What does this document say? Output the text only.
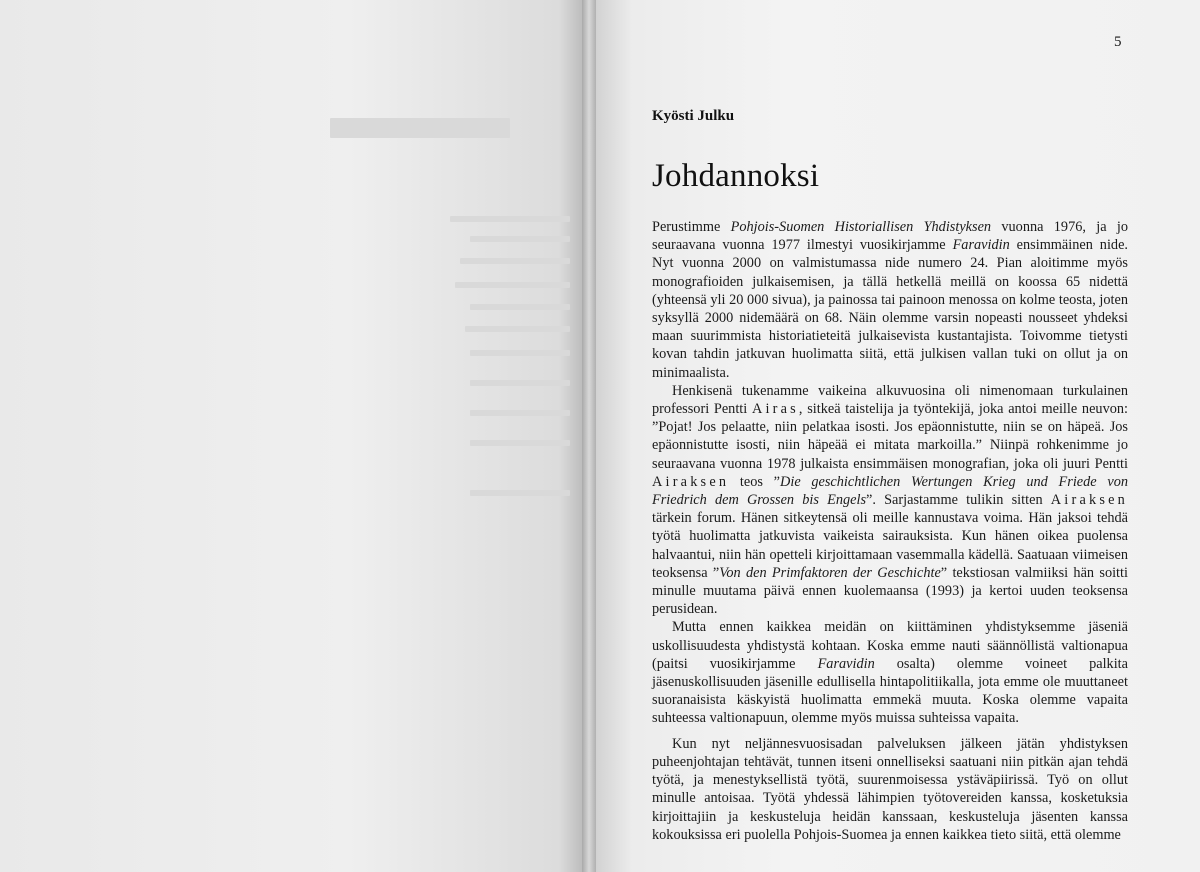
5
Kyösti Julku
Johdannoksi

Perustimme Pohjois-Suomen Historiallisen Yhdistyksen vuonna 1976, ja jo seuraavana vuonna 1977 ilmestyi vuosikirjamme Faravidin ensimmäinen nide. Nyt vuonna 2000 on valmistumassa nide numero 24. Pian aloitimme myös monografioiden julkaisemisen, ja tällä hetkellä meillä on koossa 65 nidettä (yhteensä yli 20 000 sivua), ja painossa tai painoon menossa on kolme teosta, joten syksyllä 2000 nidemäärä on 68. Näin olemme varsin nopeasti nousseet yhdeksi maan suurimmista historiatieteitä julkaisevista kustantajista. Toivomme tietysti kovan tahdin jatkuvan huolimatta siitä, että julkisen vallan tuki on ollut ja on minimaalista.

Henkisenä tukenamme vaikeina alkuvuosina oli nimenomaan turkulainen professori Pentti Airas, sitkeä taistelija ja työntekijä, joka antoi meille neuvon: ”Pojat! Jos pelaatte, niin pelatkaa isosti. Jos epäonnistutte, niin se on häpeä. Jos epäonnistutte isosti, niin häpeää ei mitata markoilla.” Niinpä rohkenimme jo seuraavana vuonna 1978 julkaista ensimmäisen monografian, joka oli juuri Pentti Airaksen teos ”Die geschichtlichen Wertungen Krieg und Friede von Friedrich dem Grossen bis Engels”. Sarjastamme tulikin sitten Airaksen tärkein forum. Hänen sitkeytensä oli meille kannustava voima. Hän jaksoi tehdä työtä huolimatta jatkuvista vaikeista sairauksista. Kun hänen oikea puolensa halvaantui, niin hän opetteli kirjoittamaan vasemmalla kädellä. Saatuaan viimeisen teoksensa ”Von den Primfaktoren der Geschichte” tekstiosan valmiiksi hän soitti minulle muutama päivä ennen kuolemaansa (1993) ja kertoi uuden teoksensa perusidean.

Mutta ennen kaikkea meidän on kiittäminen yhdistyksemme jäseniä uskollisuudesta yhdistystä kohtaan. Koska emme nauti säännöllistä valtionapua (paitsi vuosikirjamme Faravidin osalta) olemme voineet palkita jäsenuskollisuuden jäsenille edullisella hintapolitiikalla, jota emme ole muuttaneet suoranaisista käskyistä huolimatta emmekä muuta. Koska olemme vapaita suhteessa valtionapuun, olemme myös muissa suhteissa vapaita.

Kun nyt neljännesvuosisadan palveluksen jälkeen jätän yhdistyksen puheenjohtajan tehtävät, tunnen itseni onnelliseksi saatuani niin pitkän ajan tehdä työtä, ja menestyksellistä työtä, suurenmoisessa ystäväpiirissä. Työ on ollut minulle antoisaa. Työtä yhdessä lähimpien työtovereiden kanssa, kosketuksia kirjoittajiin ja keskusteluja heidän kanssaan, keskusteluja jäsenten kanssa kokouksissa eri puolella Pohjois-Suomea ja ennen kaikkea tieto siitä, että olemme
